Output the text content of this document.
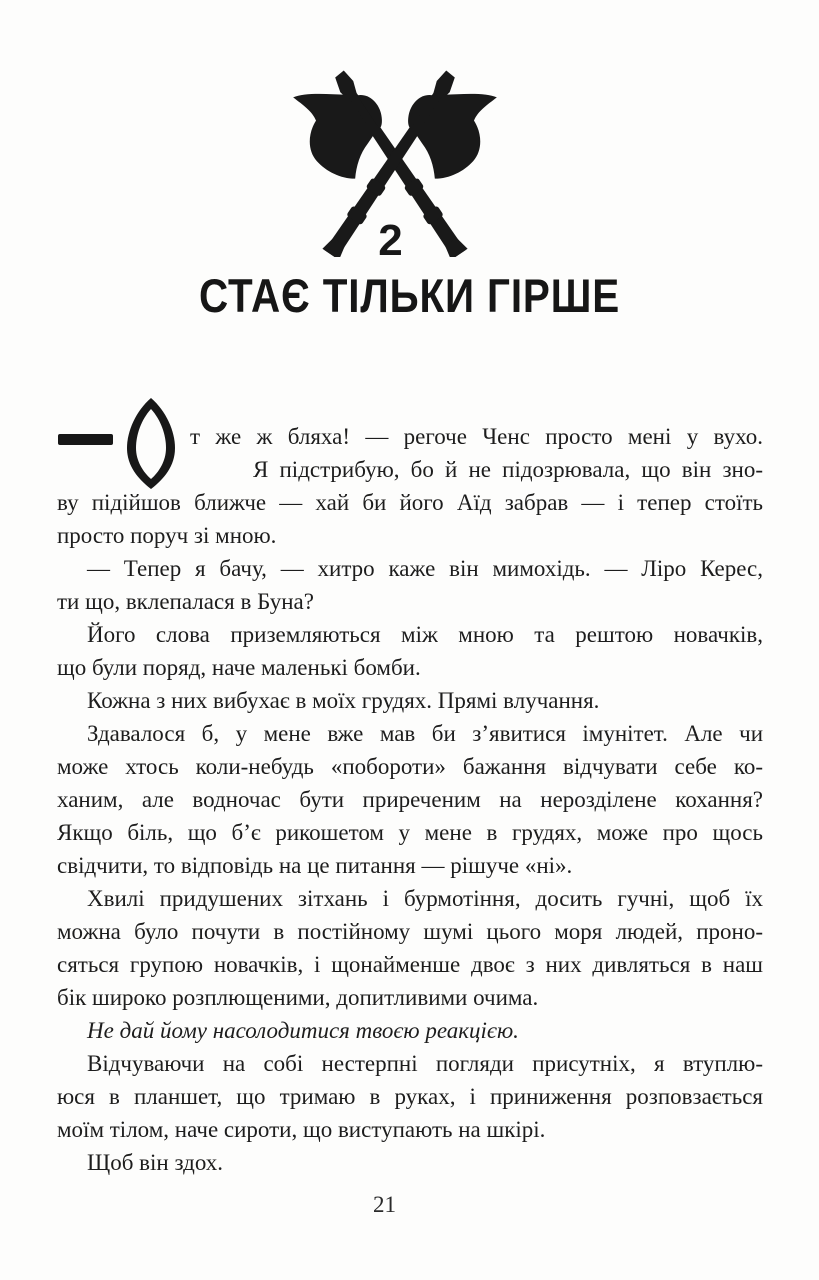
2
СТАЄ ТІЛЬКИ ГІРШЕ
т же ж бляха! — регоче Ченс просто мені у вухо.
Я підстрибую, бо й не підозрювала, що він зно-
ву підійшов ближче — хай би його Аїд забрав — і тепер стоїть
просто поруч зі мною.
— Тепер я бачу, — хитро каже він мимохідь. — Ліро Керес,
ти що, вклепалася в Буна?
Його слова приземляються між мною та рештою новачків,
що були поряд, наче маленькі бомби.
Кожна з них вибухає в моїх грудях. Прямі влучання.
Здавалося б, у мене вже мав би з’явитися імунітет. Але чи
може хтось коли-небудь «побороти» бажання відчувати себе ко-
ханим, але водночас бути приреченим на нерозділене кохання?
Якщо біль, що б’є рикошетом у мене в грудях, може про щось
свідчити, то відповідь на це питання — рішуче «ні».
Хвилі придушених зітхань і бурмотіння, досить гучні, щоб їх
можна було почути в постійному шумі цього моря людей, проно-
сяться групою новачків, і щонайменше двоє з них дивляться в наш
бік широко розплющеними, допитливими очима.
Не дай йому насолодитися твоєю реакцією.
Відчуваючи на собі нестерпні погляди присутніх, я втуплю-
юся в планшет, що тримаю в руках, і приниження розповзається
моїм тілом, наче сироти, що виступають на шкірі.
Щоб він здох.
21
